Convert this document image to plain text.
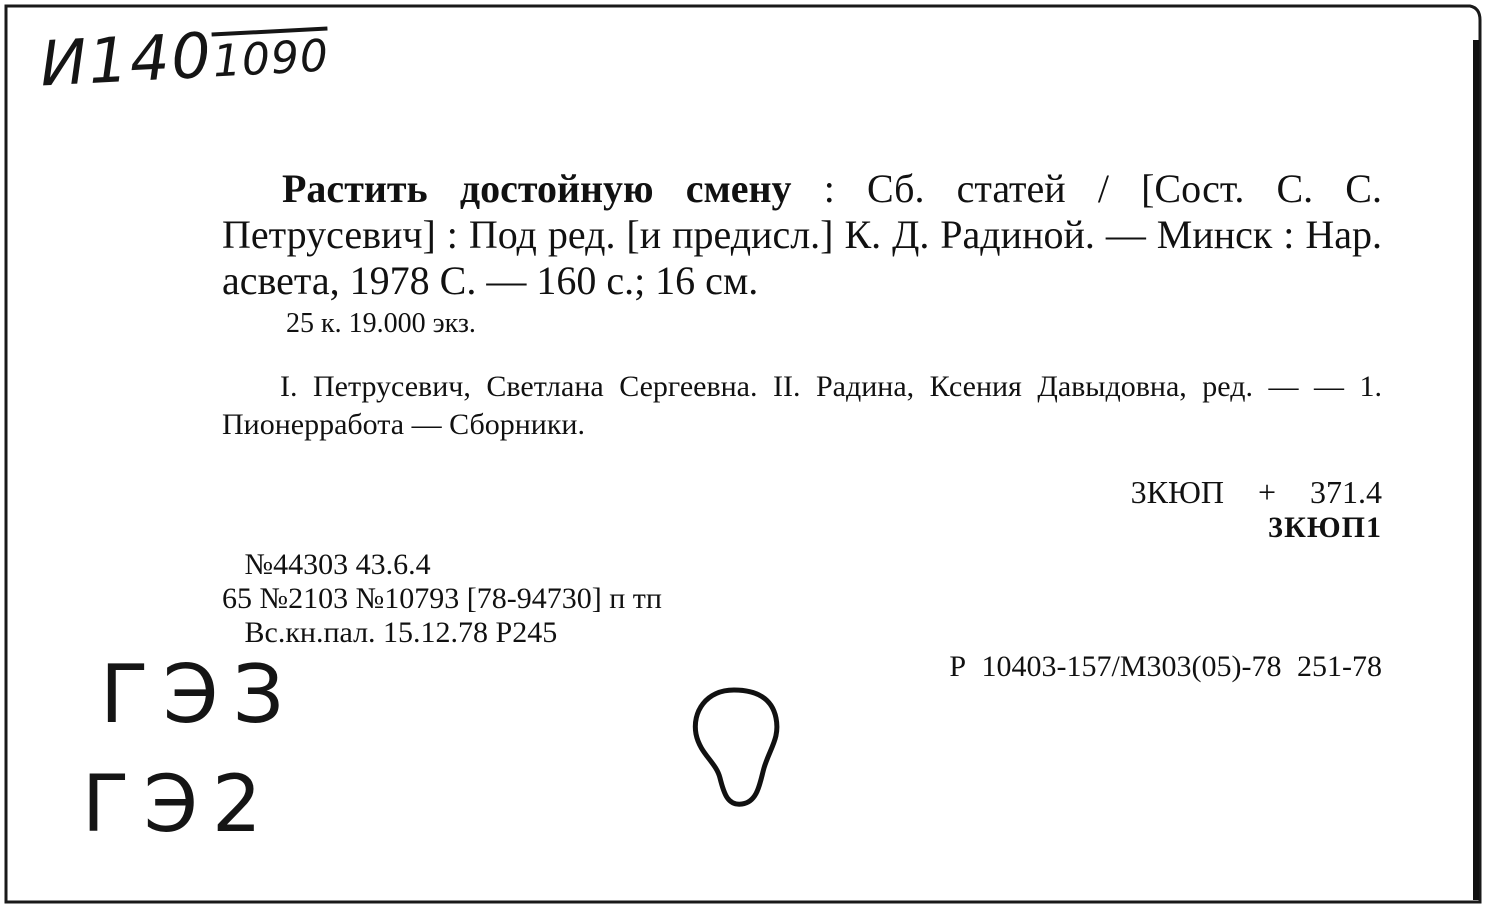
И1401090

Растить достойную смену : Сб. статей / [Сост. С. С. Петрусевич] : Под ред. [и предисл.] К. Д. Радиной. — Минск : Нар. асвета, 1978 С. — 160 с.; 16 см.

25 к. 19.000 экз.

I. Петрусевич, Светлана Сергеевна. II. Радина, Ксения Давыдовна, ред. — — 1. Пионерработа — Сборники.

3КЮП + 371.4
3КЮП1
№44303 43.6.4
65 №2103 №10793 [78-94730] п тп
Вс.кн.пал. 15.12.78 Р245
Р 10403-157/М303(05)-78 251-78
ГЭЗ
ГЭ2
